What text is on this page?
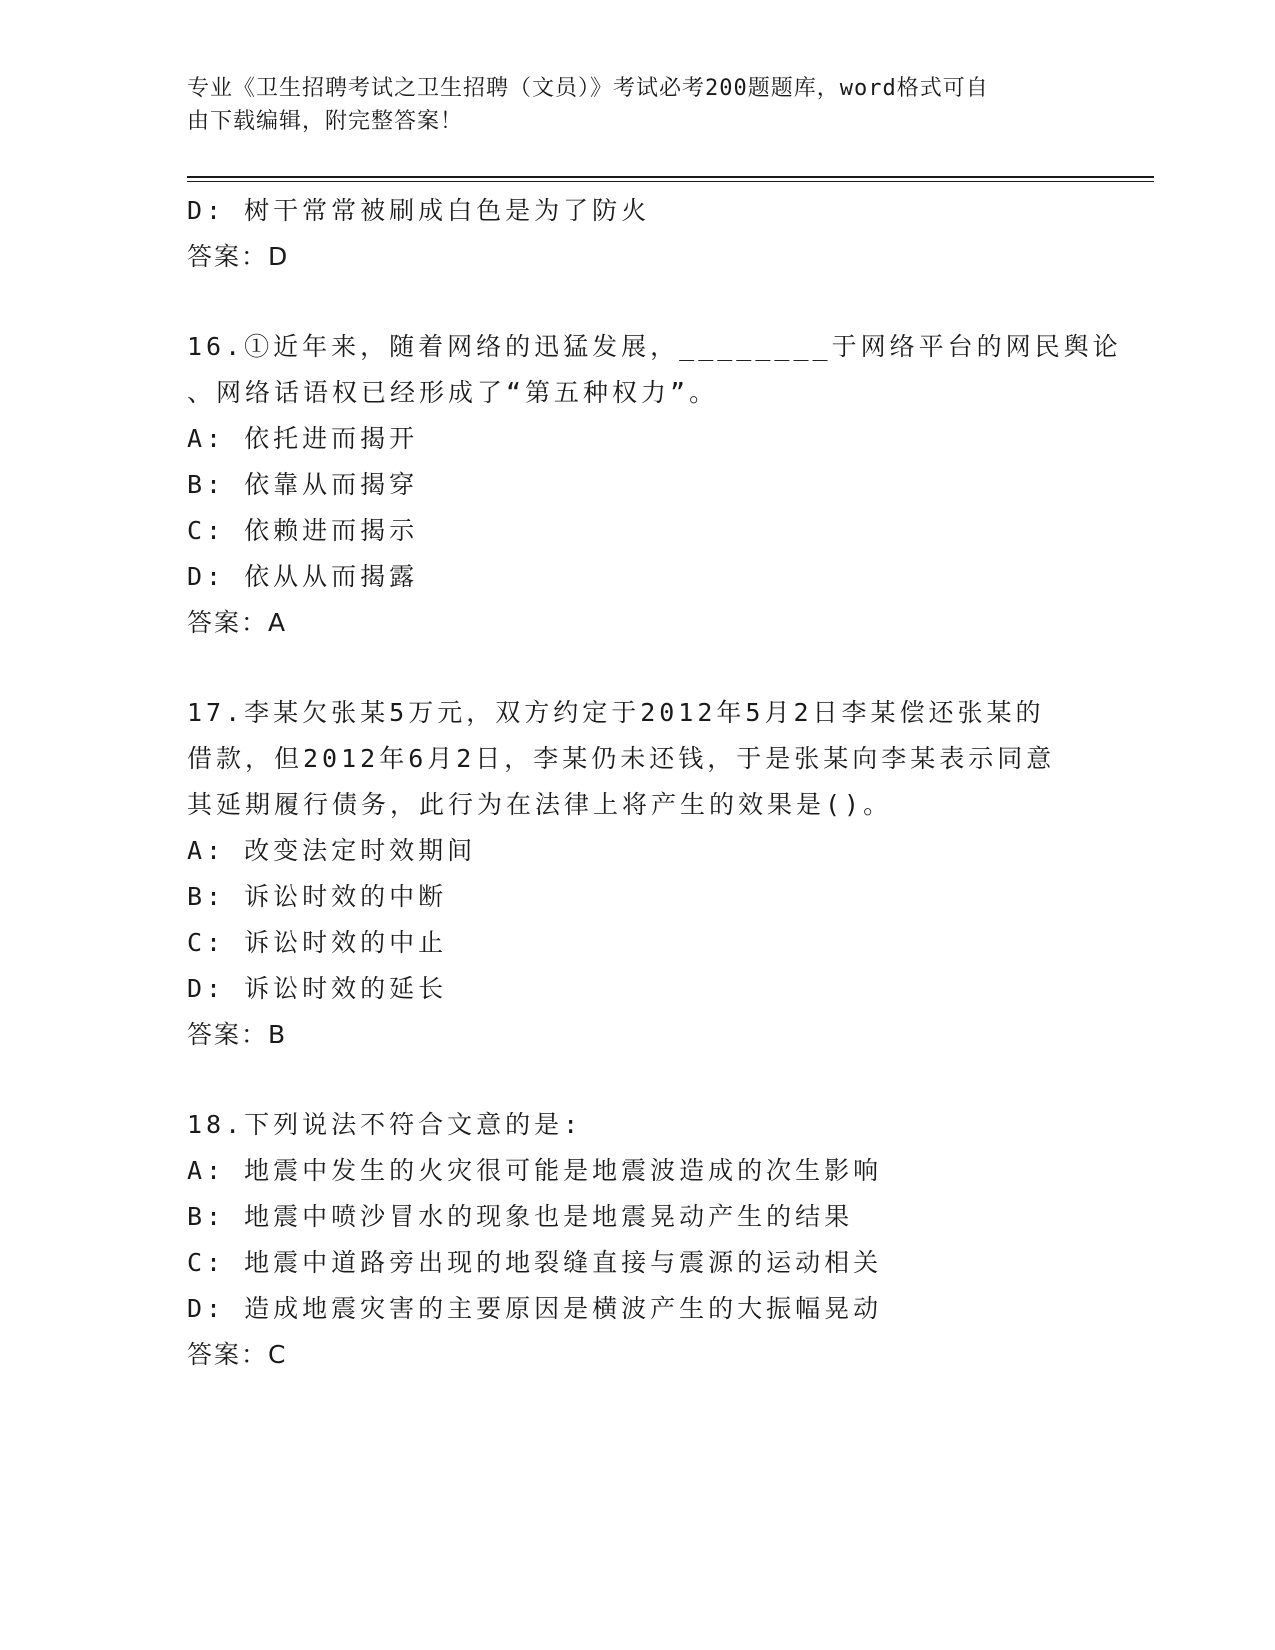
专业《卫生招聘考试之卫生招聘（文员）》考试必考200题题库，word格式可自
由下载编辑，附完整答案！
D: 树干常常被刷成白色是为了防火
答案：D
16.①近年来，随着网络的迅猛发展，________于网络平台的网民舆论
、网络话语权已经形成了“第五种权力”。
A: 依托进而揭开
B: 依靠从而揭穿
C: 依赖进而揭示
D: 依从从而揭露
答案：A
17.李某欠张某5万元，双方约定于2012年5月2日李某偿还张某的
借款，但2012年6月2日，李某仍未还钱，于是张某向李某表示同意
其延期履行债务，此行为在法律上将产生的效果是()。
A: 改变法定时效期间
B: 诉讼时效的中断
C: 诉讼时效的中止
D: 诉讼时效的延长
答案：B
18.下列说法不符合文意的是:
A: 地震中发生的火灾很可能是地震波造成的次生影响
B: 地震中喷沙冒水的现象也是地震晃动产生的结果
C: 地震中道路旁出现的地裂缝直接与震源的运动相关
D: 造成地震灾害的主要原因是横波产生的大振幅晃动
答案：C
